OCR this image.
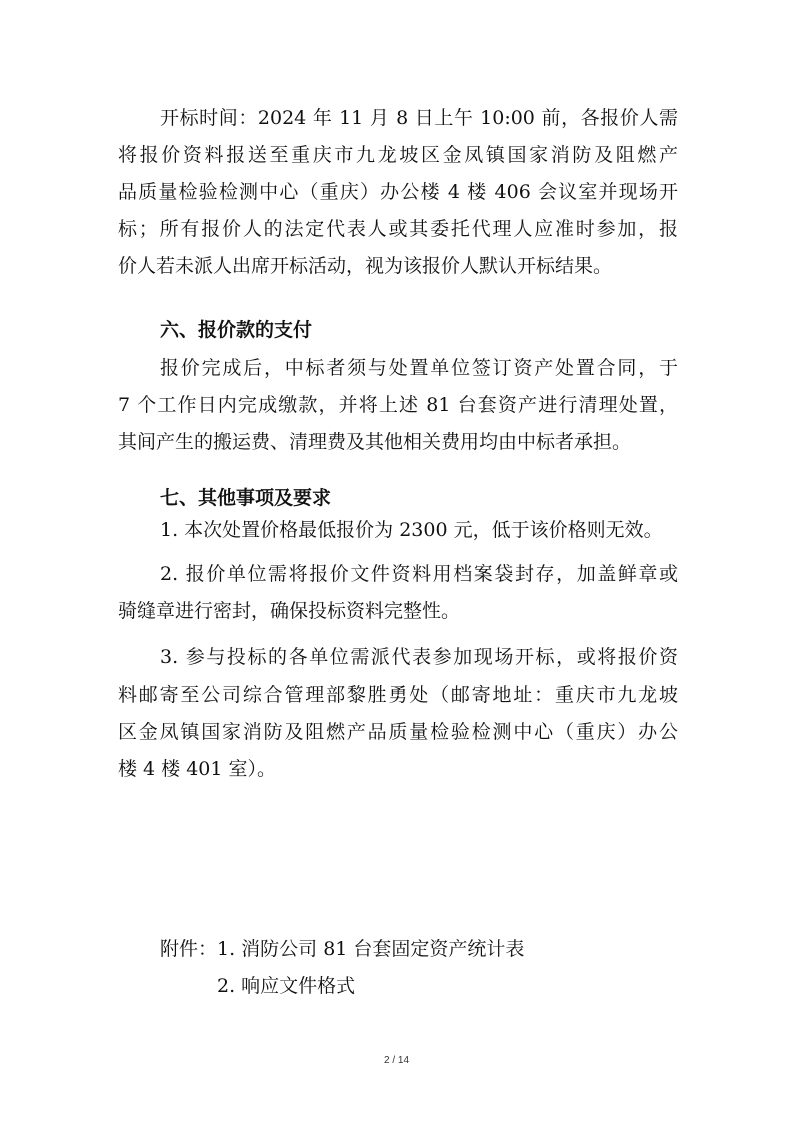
开标时间：2024 年 11 月 8 日上午 10:00 前，各报价人需
将报价资料报送至重庆市九龙坡区金凤镇国家消防及阻燃产
品质量检验检测中心（重庆）办公楼 4 楼 406 会议室并现场开
标；所有报价人的法定代表人或其委托代理人应准时参加，报
价人若未派人出席开标活动，视为该报价人默认开标结果。
六、报价款的支付
报价完成后，中标者须与处置单位签订资产处置合同，于
7 个工作日内完成缴款，并将上述 81 台套资产进行清理处置，
其间产生的搬运费、清理费及其他相关费用均由中标者承担。
七、其他事项及要求
1. 本次处置价格最低报价为 2300 元，低于该价格则无效。
2. 报价单位需将报价文件资料用档案袋封存，加盖鲜章或
骑缝章进行密封，确保投标资料完整性。
3. 参与投标的各单位需派代表参加现场开标，或将报价资
料邮寄至公司综合管理部黎胜勇处（邮寄地址：重庆市九龙坡
区金凤镇国家消防及阻燃产品质量检验检测中心（重庆）办公
楼 4 楼 401 室）。
附件： 1. 消防公司 81 台套固定资产统计表
2. 响应文件格式
2 / 14
